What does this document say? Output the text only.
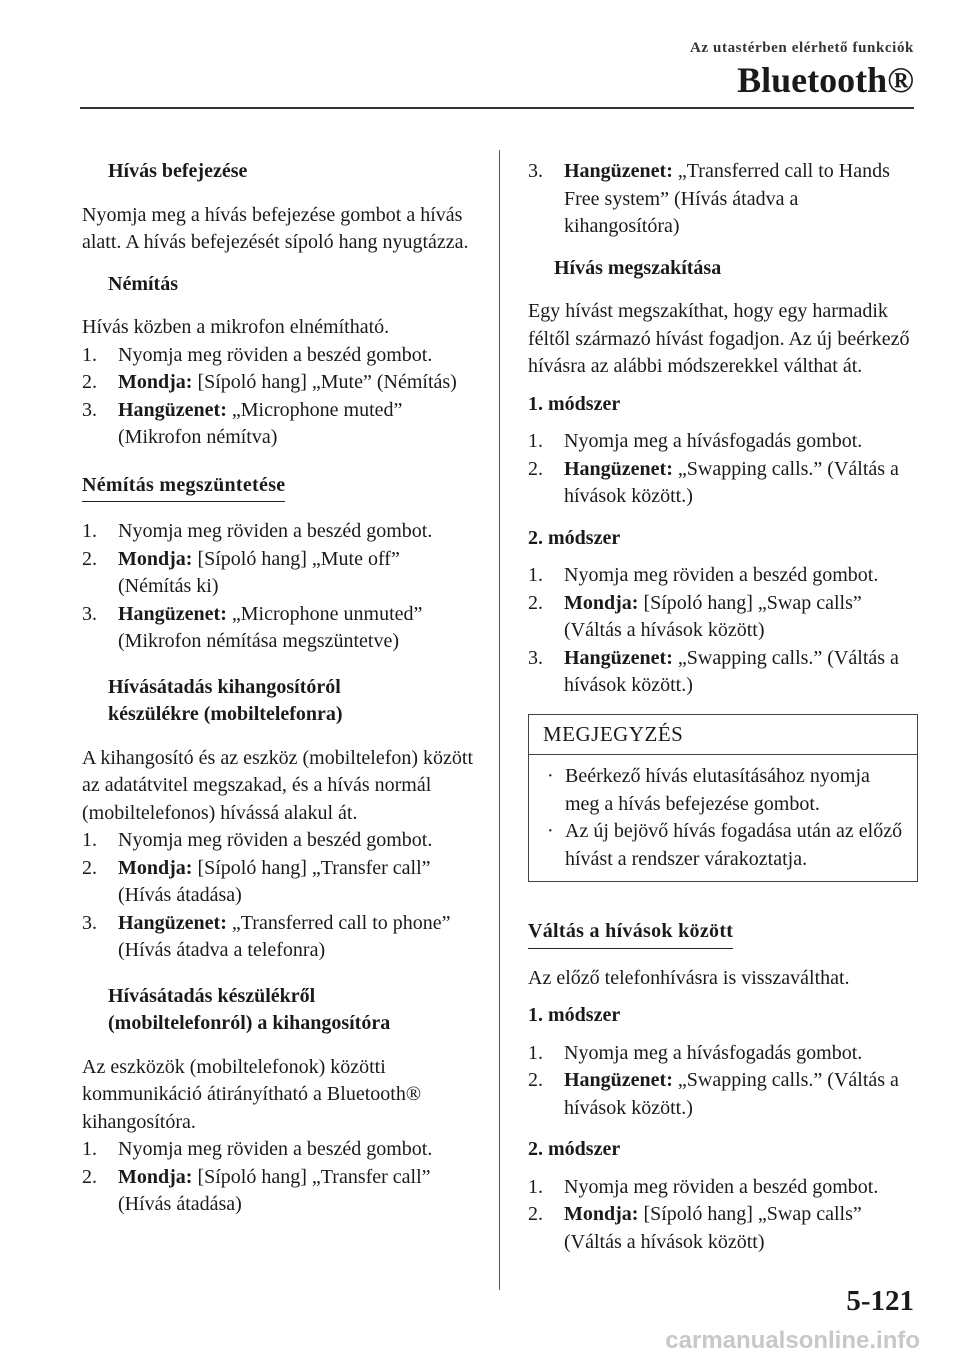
Az utastérben elérhető funkciók
Bluetooth®

Hívás befejezése

Nyomja meg a hívás befejezése gombot a hívás alatt. A hívás befejezését sípoló hang nyugtázza.

Némítás

Hívás közben a mikrofon elnémítható.

1. Nyomja meg röviden a beszéd gombot.
2. Mondja: [Sípoló hang] „Mute” (Némítás)
3. Hangüzenet: „Microphone muted” (Mikrofon némítva)
Némítás megszüntetése
1. Nyomja meg röviden a beszéd gombot.
2. Mondja: [Sípoló hang] „Mute off” (Némítás ki)
3. Hangüzenet: „Microphone unmuted” (Mikrofon némítása megszüntetve)
Hívásátadás kihangosítóról
készülékre (mobiltelefonra)

A kihangosító és az eszköz (mobiltelefon) között az adatátvitel megszakad, és a hívás normál (mobiltelefonos) hívássá alakul át.

1. Nyomja meg röviden a beszéd gombot.
2. Mondja: [Sípoló hang] „Transfer call” (Hívás átadása)
3. Hangüzenet: „Transferred call to phone” (Hívás átadva a telefonra)
Hívásátadás készülékről
(mobiltelefonról) a kihangosítóra

Az eszközök (mobiltelefonok) közötti kommunikáció átirányítható a Bluetooth® kihangosítóra.

1. Nyomja meg röviden a beszéd gombot.
2. Mondja: [Sípoló hang] „Transfer call” (Hívás átadása)
3. Hangüzenet: „Transferred call to Hands Free system” (Hívás átadva a kihangosítóra)

Hívás megszakítása

Egy hívást megszakíthat, hogy egy harmadik féltől származó hívást fogadjon. Az új beérkező hívásra az alábbi módszerekkel válthat át.

1. módszer

1. Nyomja meg a hívásfogadás gombot.
2. Hangüzenet: „Swapping calls.” (Váltás a hívások között.)

2. módszer

1. Nyomja meg röviden a beszéd gombot.
2. Mondja: [Sípoló hang] „Swap calls” (Váltás a hívások között)
3. Hangüzenet: „Swapping calls.” (Váltás a hívások között.)
MEGJEGYZÉS
· Beérkező hívás elutasításához nyomja meg a hívás befejezése gombot.
· Az új bejövő hívás fogadása után az előző hívást a rendszer várakoztatja.
Váltás a hívások között

Az előző telefonhívásra is visszaválthat.

1. módszer

1. Nyomja meg a hívásfogadás gombot.
2. Hangüzenet: „Swapping calls.” (Váltás a hívások között.)

2. módszer

1. Nyomja meg röviden a beszéd gombot.
2. Mondja: [Sípoló hang] „Swap calls” (Váltás a hívások között)
5-121
carmanualsonline.info
